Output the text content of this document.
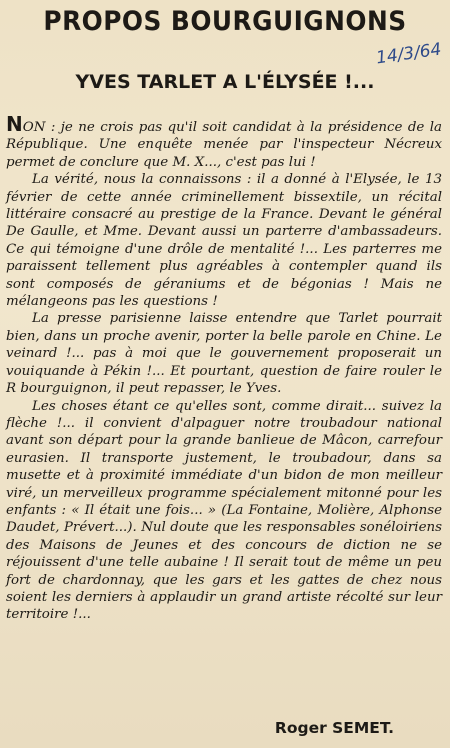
PROPOS BOURGUIGNONS
14/3/64
YVES TARLET A L'ÉLYSÉE !...

NON : je ne crois pas qu'il soit candidat à la présidence de la République. Une enquête menée par l'inspecteur Nécreux permet de conclure que M. X..., c'est pas lui !

La vérité, nous la connaissons : il a donné à l'Elysée, le 13 février de cette année criminellement bissextile, un récital littéraire consacré au prestige de la France. Devant le général De Gaulle, et Mme. Devant aussi un parterre d'ambassadeurs. Ce qui témoigne d'une drôle de mentalité !... Les parterres me paraissent tellement plus agréables à contempler quand ils sont composés de géraniums et de bégonias ! Mais ne mélangeons pas les questions !

La presse parisienne laisse entendre que Tarlet pourrait bien, dans un proche avenir, porter la belle parole en Chine. Le veinard !... pas à moi que le gouvernement proposerait un vouiquande à Pékin !... Et pourtant, question de faire rouler le R bourguignon, il peut repasser, le Yves.

Les choses étant ce qu'elles sont, comme dirait... suivez la flèche !... il convient d'alpaguer notre troubadour national avant son départ pour la grande banlieue de Mâcon, carrefour eurasien. Il transporte justement, le troubadour, dans sa musette et à proximité immédiate d'un bidon de mon meilleur viré, un merveilleux programme spécialement mitonné pour les enfants : « Il était une fois... » (La Fontaine, Molière, Alphonse Daudet, Prévert...). Nul doute que les responsables sonéloiriens des Maisons de Jeunes et des concours de diction ne se réjouissent d'une telle aubaine ! Il serait tout de même un peu fort de chardonnay, que les gars et les gattes de chez nous soient les derniers à applaudir un grand artiste récolté sur leur territoire !...

Roger SEMET.
